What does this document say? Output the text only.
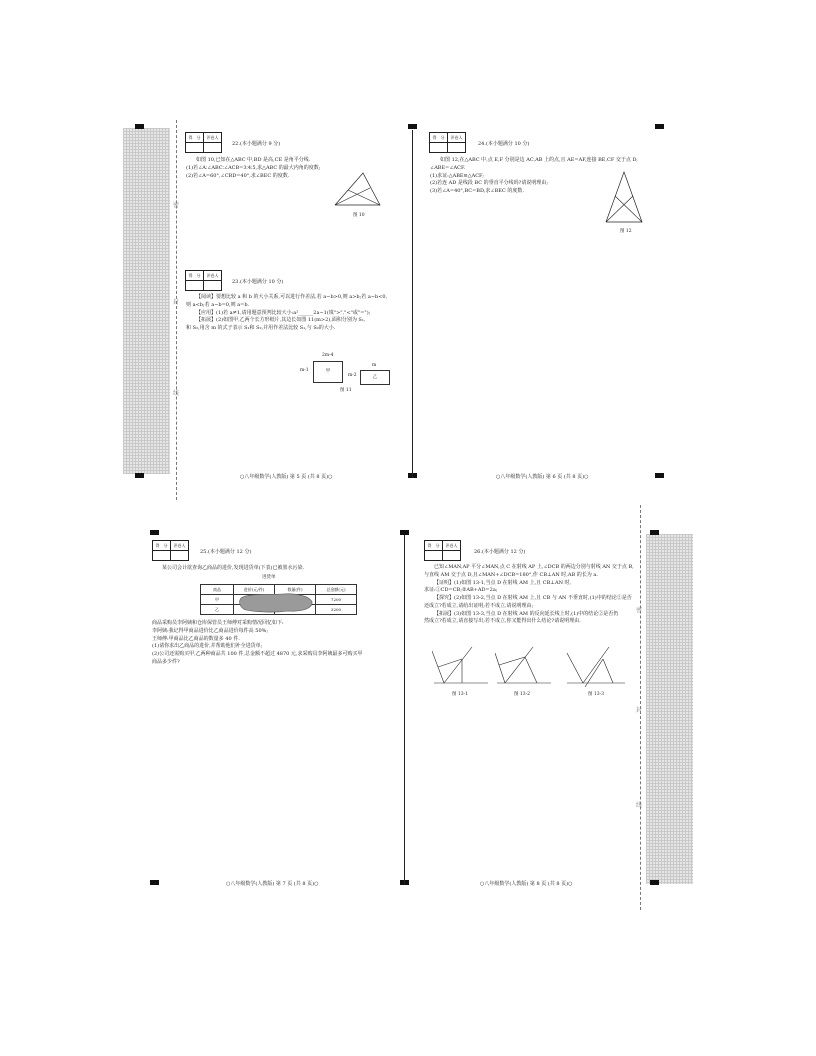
密
封
线
密
封
线
得　分	评卷人

22.(本小题满分 9 分)

如图 10,已知在△ABC 中,BD 是高,CE 是角平分线.

(1)若∠A∶∠ABC∶∠ACB=3∶4∶5,求△ABC 的最大内角的度数;

(2)若∠A=60°,∠CBD=40°,求∠BEC 的度数.

图 10
得　分	评卷人

23.(本小题满分 10 分)

【阅读】要想比较 a 和 b 的大小关系,可以进行作差法,若 a−b>0,则 a>b;若 a−b<0,

则 a<b;若 a−b=0,则 a=b.

【应用】(1)若 a≠1,请用题意预判比较大小:a²______2a−1(填">","<"或"=");

【拓展】(2)如图甲,乙两个长方形纸片,其边长如图 11(m>2),面积分别为 S₁,

和 S₂,用含 m 的式子表示 S₁和 S₂,并用作差法比较 S₁,与 S₂的大小.

2m-4
m-1	甲
m
m-2	乙
图 11
○八年级数学(人教版) 第 5 页 (共 8 页)○
得　分	评卷人

24.(本小题满分 10 分)

如图 12,在△ABC 中,点 E,F 分别是边 AC,AB 上的点,且 AE=AF,连接 BE,CF 交于点 D,

∠ABE=∠ACF.

(1)求证:△ABE≌△ACF;

(2)若连 AD 是线段 BC 的垂直平分线吗?请说明理由;

(3)若∠A=40°,BC=BD,求∠BEC 的度数.

图 12
○八年级数学(人教版) 第 6 页 (共 8 页)○
得　分	评卷人

25.(本小题满分 12 分)

某公司会计欲查询乙商品的进价,发现进货单(下表)已被墨水污染.

进货单
商品	进价(元/件)	数量(件)	总金额(元)
甲			7200
乙			3200

商品采购员李阿姨和仓库保管员王师傅对采购情况回忆如下:

李阿姨:我记得甲商品进价比乙商品进价每件高 50%;

王师傅:甲商品比乙商品的数量多 40 件.

(1)请你求出乙商品的进价,并帮助他们补全进货单;

(2)公司还需购买甲,乙两种商品共 100 件,总金额不超过 4870 元,求采购员李阿姨最多可购买甲

商品多少件?

○八年级数学(人教版) 第 7 页 (共 8 页)○
得　分	评卷人

26.(本小题满分 12 分)

已知∠MAN,AP 平分∠MAN,点 C 在射线 AP 上,∠DCB 的两边分别与射线 AN 交于点 B,

与直线 AM 交于点 D,且∠MAN+∠DCB=180°,作 CB⊥AN 时,AB 的长为 a.

【证明】(1)如图 13-1,当点 D 在射线 AM 上,且 CB⊥AN 时,

求证:①CD=CB;②AB+AD=2a;

【探究】(2)如图 13-2,当点 D 在射线 AM 上,且 CB 与 AN 不垂直时,(1)中的结论②是否

还成立?若成立,请给出证明;若不成立,请说明理由;

【拓展】(3)如图 13-3,当点 D 在射线 AM 的反向延长线上时,(1)中的结论②是否仍

然成立?若成立,请直接写出;若不成立,你又能得出什么结论?请说明理由.

图 13-1	图 13-2	图 13-3
○八年级数学(人教版) 第 8 页 (共 8 页)○
